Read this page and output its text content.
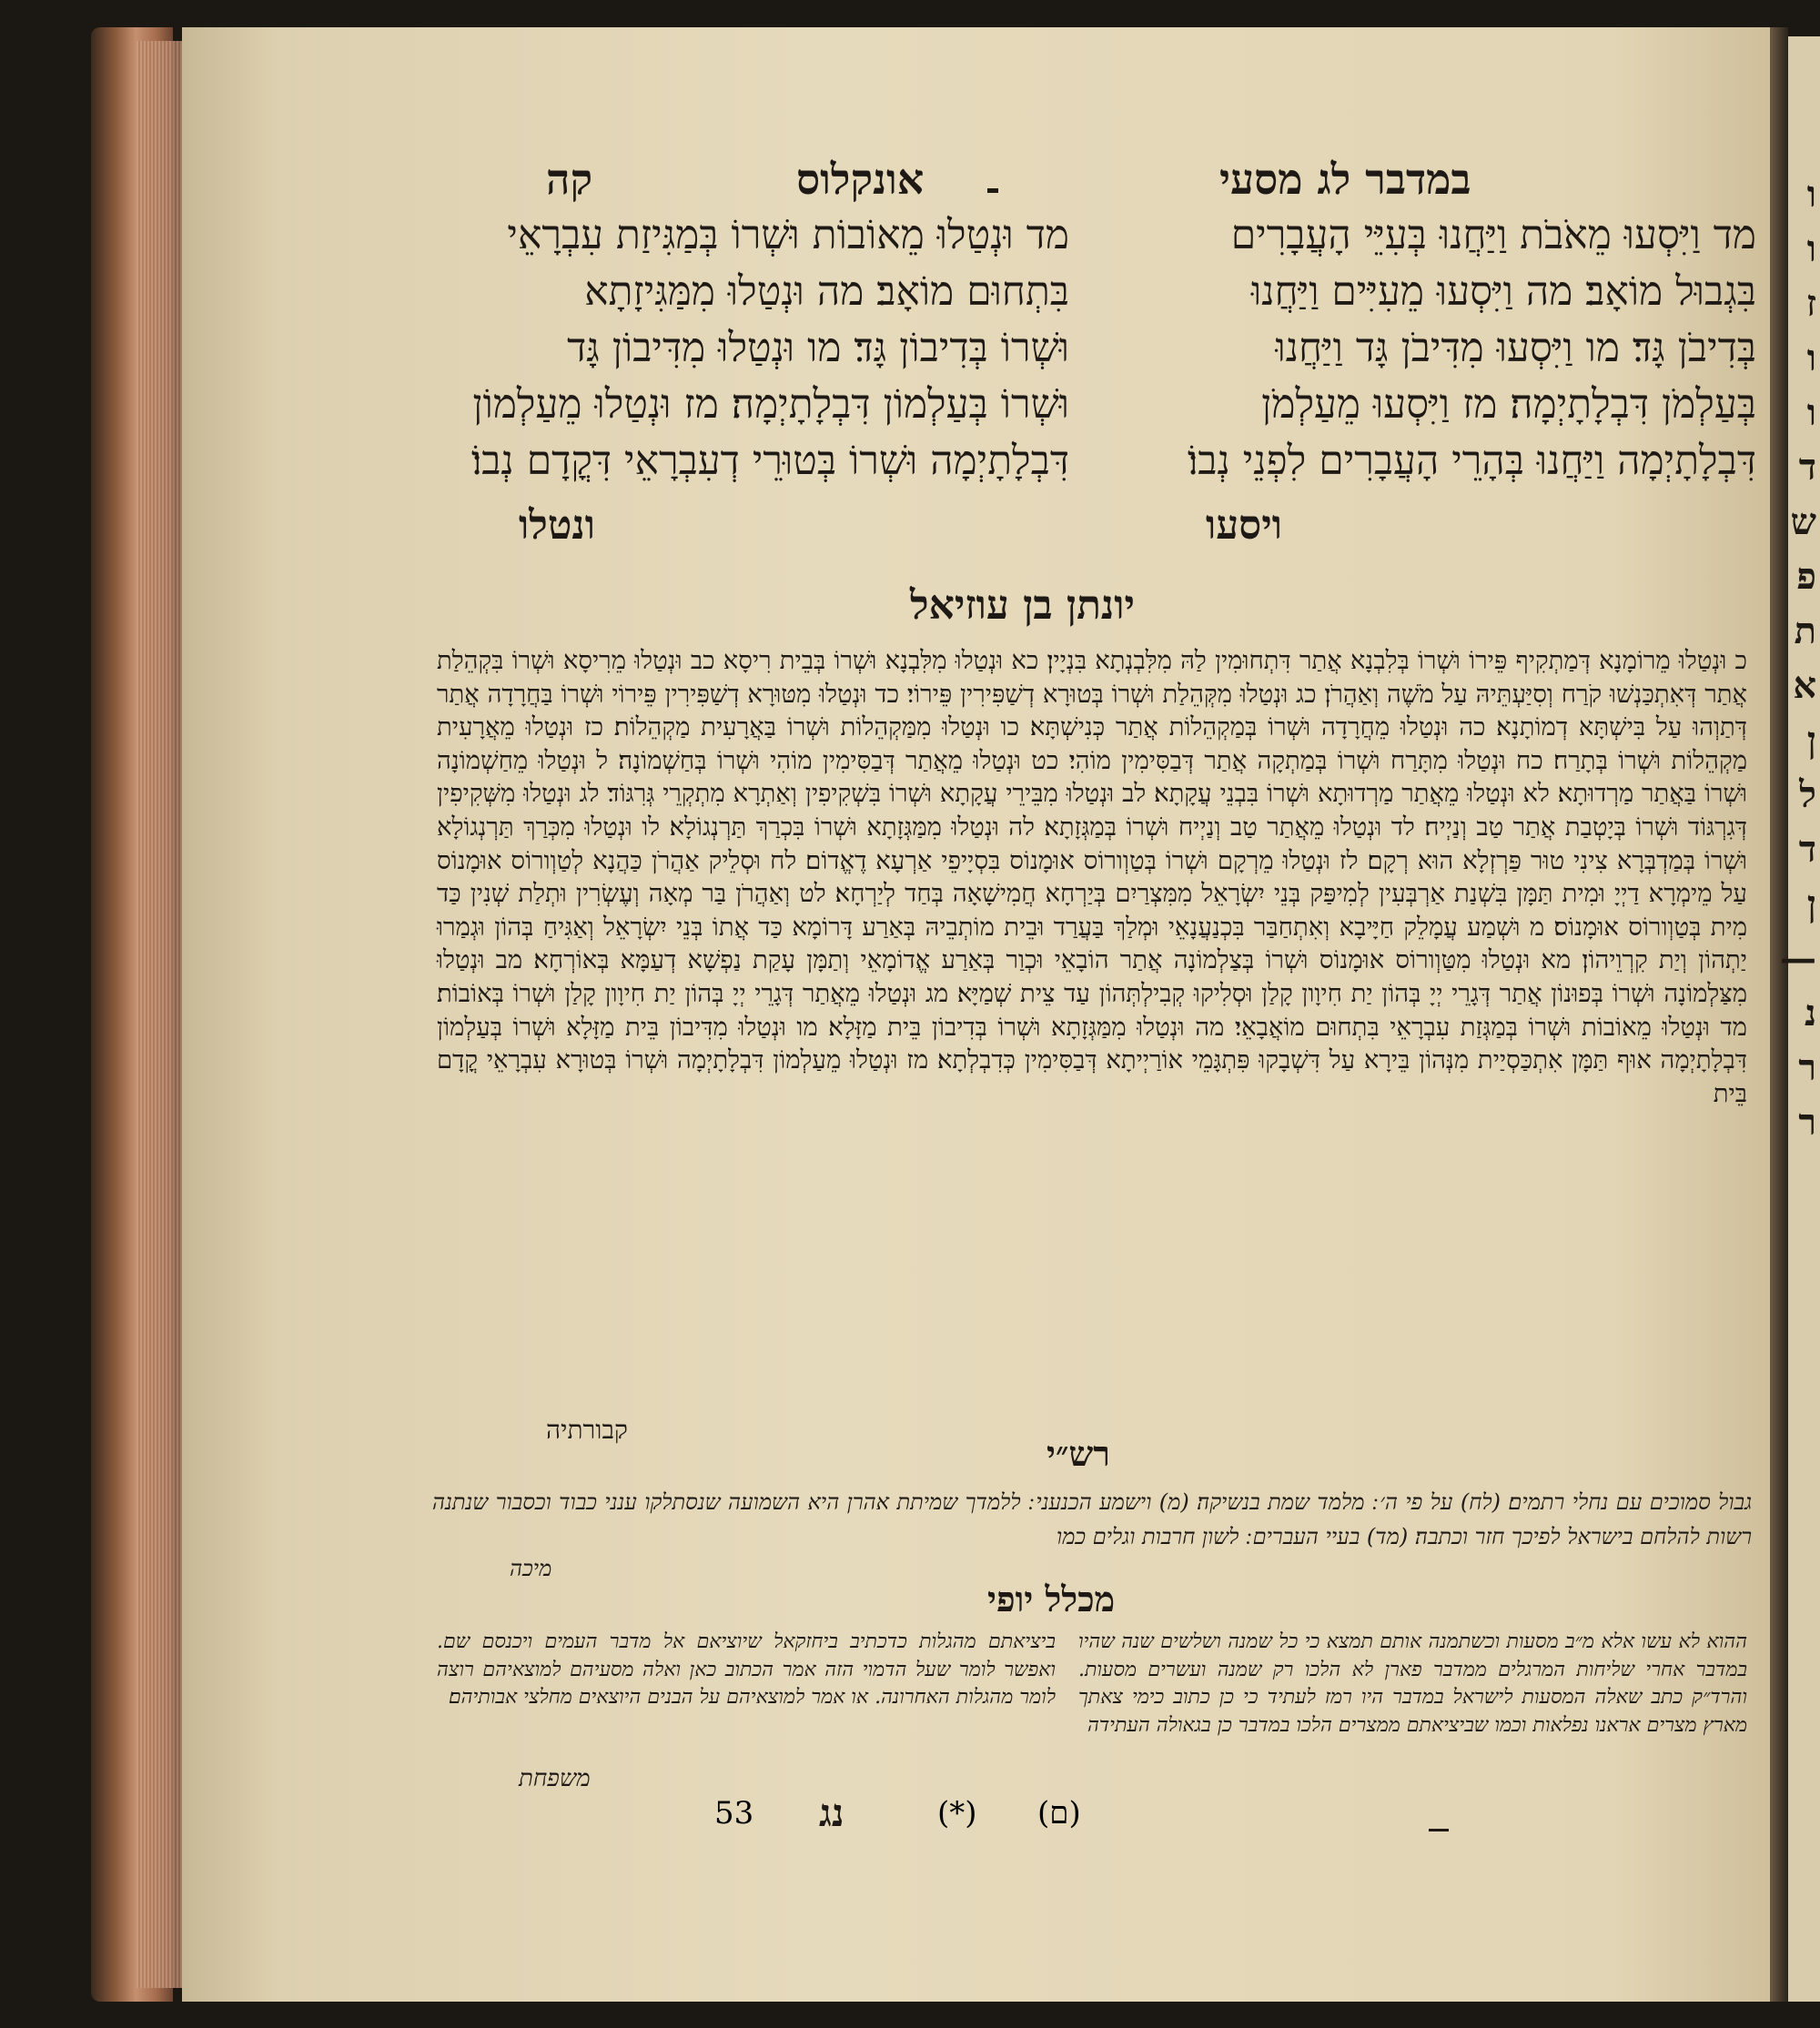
ו
ו
ז
ו
ו
ד
ש
פ
ת
א
ן
ל
ד
ן
—
נ
ר
ר
במדבר לג מסעי
אונקלוס
קה
מד וַיִּסְעוּ מֵאֹבֹת וַיַּחֲנוּ בְּעִיֵּי הָעֲבָרִים
בִּגְבוּל מוֹאָב׃ מה וַיִּסְעוּ מֵעִיִּים וַיַּחֲנוּ
בְּדִיבֹן גָּד׃ מו וַיִּסְעוּ מִדִּיבֹן גָּד וַיַּחֲנוּ
בְּעַלְמֹן דִּבְלָתָיְמָה׃ מז וַיִּסְעוּ מֵעַלְמֹן
דִּבְלָתָיְמָה וַיַּחֲנוּ בְּהָרֵי הָעֲבָרִים לִפְנֵי נְבוֹ׃
ויסעו
מד וּנְטַלוּ מֵאוֹבוֹת וּשְׁרוֹ בְּמַגִּיזַת עִבְרָאֵי
בִּתְחוּם מוֹאָב׃ מה וּנְטַלוּ מִמַּגִּיזָתָא
וּשְׁרוֹ בְּדִיבוֹן גָּד׃ מו וּנְטַלוּ מִדִּיבוֹן גָּד
וּשְׁרוֹ בְּעַלְמוֹן דִּבְלָתָיְמָה׃ מז וּנְטַלוּ מֵעַלְמוֹן
דִּבְלָתָיְמָה וּשְׁרוֹ בְּטוּרֵי דְעִבְרָאֵי דִּקֳדָם נְבוֹ׃
ונטלו
יונתן בן עוזיאל
כ וּנְטַלוּ מֵרוֹמָנָא דְּמַתְקִיף פֵּירוֹ וּשְׁרוֹ בְּלִבְנָא אֲתַר דִּתְחוּמִין לַהּ מִלִּבְנְתָא בִּנְיָין׃ כא וּנְטַלוּ מִלִּבְנָא וּשְׁרוֹ בְּבֵית רִיסָא כב וּנְטַלוּ מֵרִיסָא וּשְׁרוֹ בִּקְהֵלַת אֲתַר דְּאִתְכַּנְשׁוּ קֹרַח וְסִיַּעְתֵּיהּ עַל מֹשֶׁה וְאַהֲרֹן׃ כג וּנְטַלוּ מִקְּהֵלַת וּשְׁרוֹ בְּטוּרָא דְשַׁפִּירִין פֵּירוֹי׃ כד וּנְטַלוּ מִטּוּרָא דְשַׁפִּירִין פֵּירוֹי וּשְׁרוֹ בַּחֲרָדָה אֲתַר דְּתַוְהוּ עַל בִּישְׁתָּא דְמוֹתָנָא׃ כה וּנְטַלוּ מֵחֲרָדָה וּשְׁרוֹ בְּמַקְהֵלוֹת אֲתַר כְּנִישְׁתָּא׃ כו וּנְטַלוּ מִמַּקְהֵלוֹת וּשְׁרוֹ בַּאֲרָעִית מַקְהֵלוֹת׃ כז וּנְטַלוּ מֵאֲרָעִית מַקְהֵלוֹת וּשְׁרוֹ בְּתָרַח׃ כח וּנְטַלוּ מִתָּרַח וּשְׁרוֹ בְּמַתְקָה אֲתַר דְּבַסִּימִין מוֹהִי׃ כט וּנְטַלוּ מֵאֲתַר דְּבַסִּימִין מוֹהִי וּשְׁרוֹ בְּחַשְׁמוֹנָה׃ ל וּנְטַלוּ מֵחַשְׁמוֹנָה וּשְׁרוֹ בַּאֲתַר מַרְדוּתָא׃ לא וּנְטַלוּ מֵאֲתַר מַרְדוּתָא וּשְׁרוֹ בִּבְנֵי עֲקָתָא׃ לב וּנְטַלוּ מִבֵּירֵי עֲקָתָא וּשְׁרוֹ בִּשְׁקִיפִין וְאַתְרָא מִתְקְרֵי גְּרִגּוֹד׃ לג וּנְטַלוּ מִשְּׁקִיפִין דְּגִרְגּוֹד וּשְׁרוֹ בְּיָטְבַת אֲתַר טַב וְנַיְיח׃ לד וּנְטַלוּ מֵאֲתַר טַב וְנַיְיח וּשְׁרוֹ בְּמַגְּזָתָא׃ לה וּנְטַלוּ מִמַּגְּזָתָא וּשְׁרוֹ בִּכְרַךְ תַּרְנְגוֹלָא׃ לו וּנְטַלוּ מִכְּרַךְ תַּרְנְגוֹלָא וּשְׁרוֹ בְּמַדְבְּרָא צִינִי טוּר פַּרְזְלָא הוּא רְקָם׃ לז וּנְטַלוּ מֵרְקָם וּשְׁרוֹ בְּטַוְורוֹס אוּמָנוֹס בִּסְיָיפֵי אַרְעָא דֶאֱדוֹם׃ לח וּסְלֵיק אַהֲרֹן כַּהֲנָא לְטַוְורוֹס אוּמָנוֹס עַל מֵימְרָא דַיְיָ וּמִית תַּמָּן בִּשְׁנַת אַרְבְּעִין לְמִיפַּק בְּנֵי יִשְׂרָאֵל מִמִּצְרַיִם בְּיַרְחָא חֲמִישָׁאָה בְּחַד לְיַרְחָא׃ לט וְאַהֲרֹן בַּר מְאָה וְעֶשְׂרִין וּתְלַת שְׁנִין כַּד מִית בְּטַוְורוֹס אוּמָנוֹס׃ מ וּשְׁמַע עֲמָלֵק חַיָּיבָא וְאִתְחַבַּר בִּכְנַעֲנָאֵי וּמְלַךְ בַּעֲרַד וּבֵית מוֹתְבֵיהּ בְּאַרַע דָּרוֹמָא כַּד אֲתוֹ בְּנֵי יִשְׂרָאֵל וְאַגִּיחַ בְּהוֹן וּגְמַרוּ יַתְהוֹן וְיַת קִרְוֵיהוֹן׃ מא וּנְטַלוּ מִטַּוְורוֹס אוּמָנוֹס וּשְׁרוֹ בְּצַלְמוֹנָה אֲתַר הוֹבָאֵי וּכְוַר בְּאַרַע אֱדוֹמָאֵי וְתַמָּן עָקַת נַפְשָׁא דְעַמָּא בְּאוֹרְחָא׃ מב וּנְטַלוּ מִצַּלְמוֹנָה וּשְׁרוֹ בְּפוּנוֹן אֲתַר דְּגָרֵי יְיָ בְּהוֹן יַת חִיוָון קָלַן וּסְלִיקוּ קְבִילְתְּהוֹן עַד צֵית שְׁמַיָּא׃ מג וּנְטַלוּ מֵאֲתַר דְּגָרֵי יְיָ בְּהוֹן יַת חִיוָון קָלַן וּשְׁרוֹ בְּאוֹבוֹת׃ מד וּנְטַלוּ מֵאוֹבוֹת וּשְׁרוֹ בְּמַגְּזַת עִבְרָאֵי בִּתְחוּם מוֹאֲבָאֵי׃ מה וּנְטַלוּ מִמַּגְּזָתָא וּשְׁרוֹ בְּדִיבוֹן בֵּית מַזָּלָא׃ מו וּנְטַלוּ מִדִּיבוֹן בֵּית מַזָּלָא וּשְׁרוֹ בְּעַלְמוֹן דִּבְלָתָיְמָה אוּף תַּמָּן אִתְכַּסְיַית מִנְּהוֹן בֵּירָא עַל דִּשְׁבָקוּ פִּתְגָּמֵי אוֹרַיְיתָא דְּבַסִּימִין כְּדִבְלְתָא׃ מז וּנְטַלוּ מֵעַלְמוֹן דִּבְלָתָיְמָה וּשְׁרוֹ בְּטוּרָא עִבְרָאֵי קֳדָם בֵּית
קבורתיה
רש״י
גבול סמוכים עם נחלי רתמים׃ (לח) על פי ה׳ ׃ מלמד שמת בנשיקה׃ (מ) וישמע הכנעני ׃ ללמדך שמיתת אהרן היא השמועה שנסתלקו ענני כבוד וכסבור שנתנה רשות להלחם בישראל לפיכך חזר וכתבה׃ (מד) בעיי העברים ׃ לשון חרבות וגלים כמו
מיכה
מכלל יופי
ההוא לא עשו אלא מ״ב מסעות וכשתמנה אותם תמצא כי כל שמנה ושלשים שנה שהיו במדבר אחרי שליחות המרגלים ממדבר פארן לא הלכו רק שמנה ועשרים מסעות. והרד״ק כתב שאלה המסעות לישראל במדבר היו רמז לעתיד כי כן כתוב כימי צאתך מארץ מצרים אראנו נפלאות וכמו שביציאתם ממצרים הלכו במדבר כן בגאולה העתידה
ביציאתם מהגלות כדכתיב ביחזקאל שיוציאם אל מדבר העמים ויכנסם שם. ואפשר לומר שעל הדמוי הזה אמר הכתוב כאן ואלה מסעיהם למוצאיהם רוצה לומר מהגלות האחרונה. או אמר למוצאיהם על הבנים היוצאים מחלצי אבותיהם׃
משפחת
53 נג	(*) (ם)
